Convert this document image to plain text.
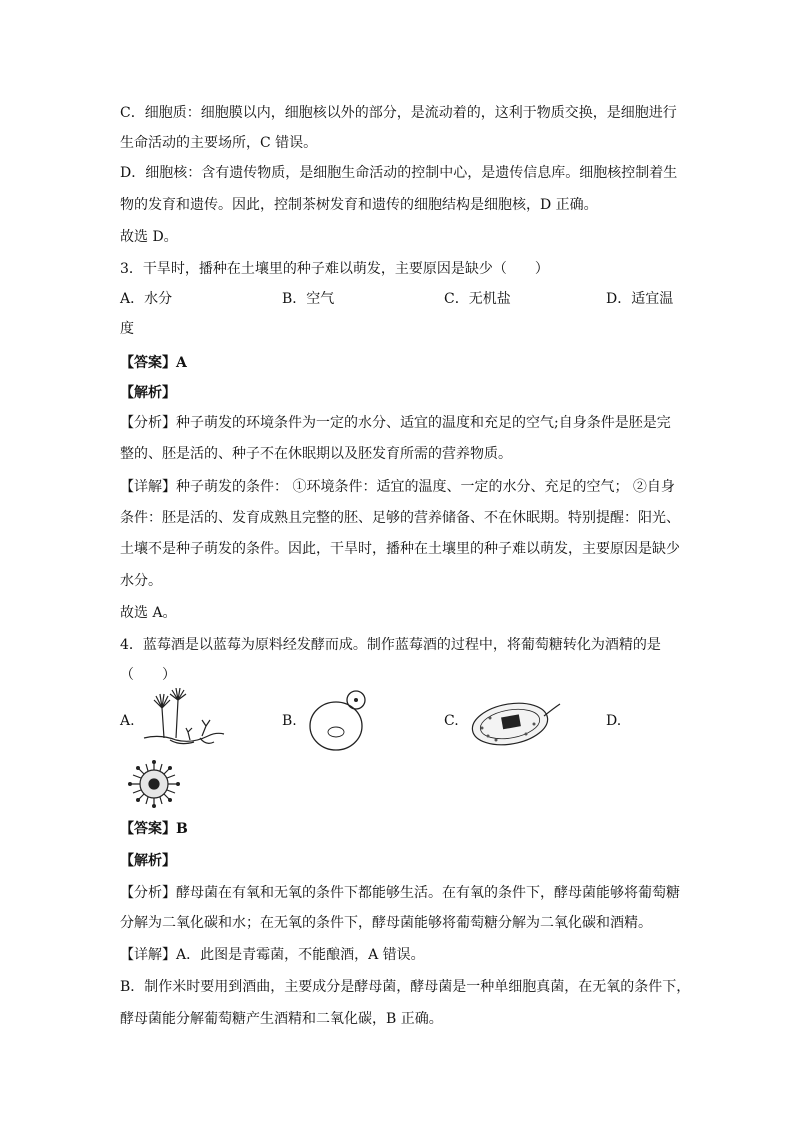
C．细胞质：细胞膜以内，细胞核以外的部分，是流动着的，这利于物质交换，是细胞进行
生命活动的主要场所，C 错误。
D．细胞核：含有遗传物质，是细胞生命活动的控制中心，是遗传信息库。细胞核控制着生
物的发育和遗传。因此，控制茶树发育和遗传的细胞结构是细胞核，D 正确。
故选 D。
3．干旱时，播种在土壤里的种子难以萌发，主要原因是缺少（　　）
A．水分	B．空气	C．无机盐	D．适宜温
度
【答案】A
【解析】
【分析】种子萌发的环境条件为一定的水分、适宜的温度和充足的空气;自身条件是胚是完
整的、胚是活的、种子不在休眠期以及胚发育所需的营养物质。
【详解】种子萌发的条件： ①环境条件：适宜的温度、一定的水分、充足的空气； ②自身
条件：胚是活的、发育成熟且完整的胚、足够的营养储备、不在休眠期。特别提醒：阳光、
土壤不是种子萌发的条件。因此，干旱时，播种在土壤里的种子难以萌发，主要原因是缺少
水分。
故选 A。
4．蓝莓酒是以蓝莓为原料经发酵而成。制作蓝莓酒的过程中，将葡萄糖转化为酒精的是
（　　）
A.	B.	C.	D.
【答案】B
【解析】
【分析】酵母菌在有氧和无氧的条件下都能够生活。在有氧的条件下，酵母菌能够将葡萄糖
分解为二氧化碳和水；在无氧的条件下，酵母菌能够将葡萄糖分解为二氧化碳和酒精。
【详解】A．此图是青霉菌，不能酿酒，A 错误。
B．制作米时要用到酒曲，主要成分是酵母菌，酵母菌是一种单细胞真菌，在无氧的条件下，
酵母菌能分解葡萄糖产生酒精和二氧化碳，B 正确。
